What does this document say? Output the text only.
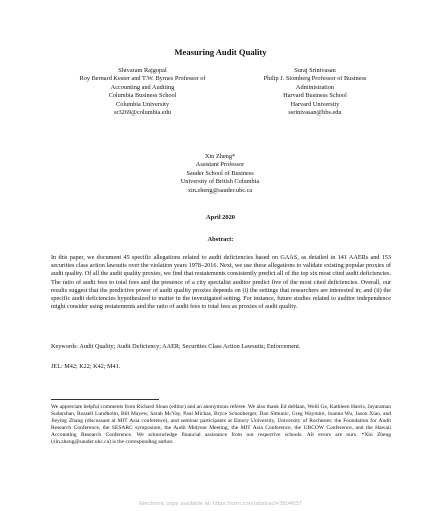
Measuring Audit Quality
Shivaram Rajgopal
Roy Bernard Kester and T.W. Byrnes Professor of
Accounting and Auditing
Columbia Business School
Columbia University
sr3269@columbia.edu
Suraj Srinivasan
Philip J. Stomberg Professor of Business
Administration
Harvard Business School
Harvard University
ssrinivasan@hbs.edu
Xin Zheng*
Assistant Professor
Sauder School of Business
University of British Columbia
xin.zheng@sauder.ubc.ca
April 2020
Abstract:
In this paper, we document 45 specific allegations related to audit deficiencies based on GAAS, as detailed in 141 AAERs and 153 securities class action lawsuits over the violation years 1978–2016. Next, we use these allegations to validate existing popular proxies of audit quality. Of all the audit quality proxies, we find that restatements consistently predict all of the top six most cited audit deficiencies. The ratio of audit fees to total fees and the presence of a city specialist auditor predict five of the most cited deficiencies. Overall, our results suggest that the predictive power of audit quality proxies depends on (i) the settings that researchers are interested in; and (ii) the specific audit deficiencies hypothesized to matter in the investigated setting. For instance, future studies related to auditor independence might consider using restatements and the ratio of audit fees to total fees as proxies of audit quality.
Keywords: Audit Quality; Audit Deficiency; AAER; Securities Class Action Lawsuits; Enforcement.
JEL: M42; K22; K42; M41.
We appreciate helpful comments from Richard Sloan (editor) and an anonymous referee. We also thank Ed deHaan, Weili Ge, Kathleen Harris, Jayaraman Sudarshan, Russell Lundholm, Bill Mayew, Sarah McVay, Paul Michas, Bryce Schonberger, Dan Simunic, Greg Waymire, Joanna Wu, Jason Xiao, and Jieying Zhang (discussant at MIT Asia conference), and seminar participants at Emory University, University of Rochester, the Foundation for Audit Research Conference, the SESARC symposium, the Audit Midyear Meeting, the MIT Asia Conference, the UBCOW Conference, and the Hawaii Accounting Research Conference. We acknowledge financial assistance from our respective schools. All errors are ours. *Xin Zheng (xin.zheng@sauder.ubc.ca) is the corresponding author.
Electronic copy available at: https://ssrn.com/abstract=3504037
